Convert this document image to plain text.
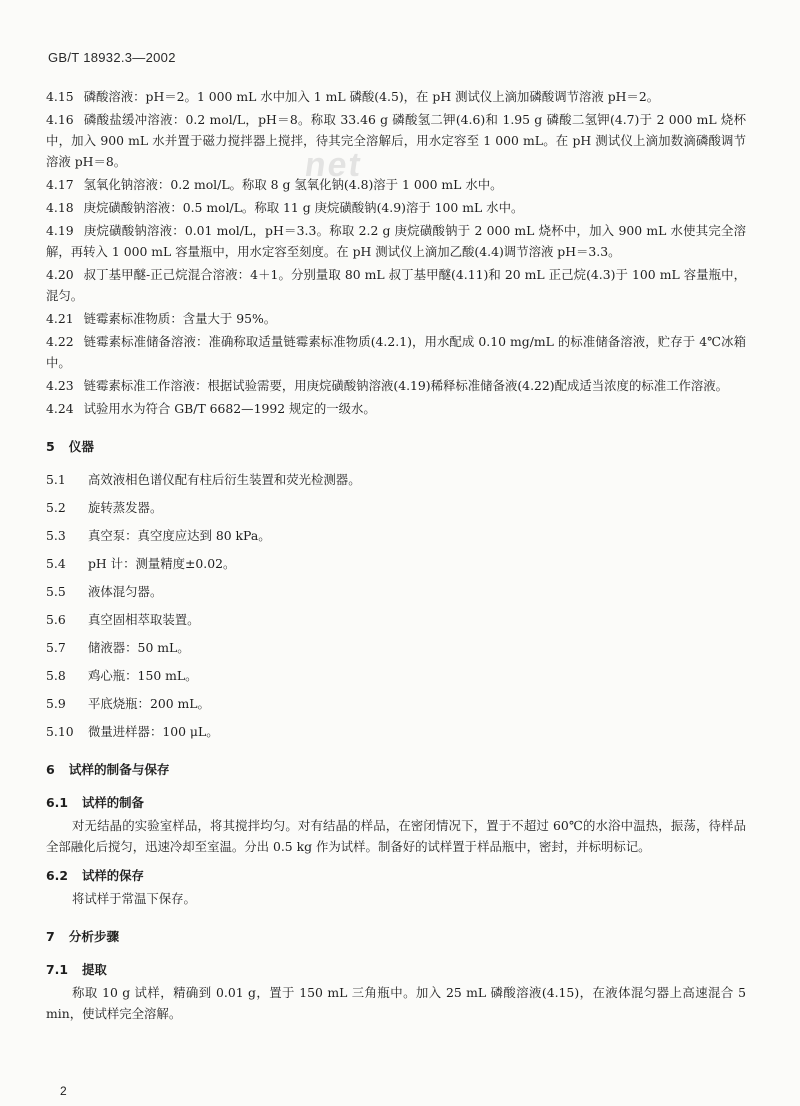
GB/T 18932.3—2002
net
4.15 磷酸溶液：pH＝2。1 000 mL 水中加入 1 mL 磷酸(4.5)，在 pH 测试仪上滴加磷酸调节溶液 pH＝2。
4.16 磷酸盐缓冲溶液：0.2 mol/L，pH＝8。称取 33.46 g 磷酸氢二钾(4.6)和 1.95 g 磷酸二氢钾(4.7)于 2 000 mL 烧杯中，加入 900 mL 水并置于磁力搅拌器上搅拌，待其完全溶解后，用水定容至 1 000 mL。在 pH 测试仪上滴加数滴磷酸调节溶液 pH＝8。
4.17 氢氧化钠溶液：0.2 mol/L。称取 8 g 氢氧化钠(4.8)溶于 1 000 mL 水中。
4.18 庚烷磺酸钠溶液：0.5 mol/L。称取 11 g 庚烷磺酸钠(4.9)溶于 100 mL 水中。
4.19 庚烷磺酸钠溶液：0.01 mol/L，pH＝3.3。称取 2.2 g 庚烷磺酸钠于 2 000 mL 烧杯中，加入 900 mL 水使其完全溶解，再转入 1 000 mL 容量瓶中，用水定容至刻度。在 pH 测试仪上滴加乙酸(4.4)调节溶液 pH＝3.3。
4.20 叔丁基甲醚-正己烷混合溶液：4＋1。分别量取 80 mL 叔丁基甲醚(4.11)和 20 mL 正己烷(4.3)于 100 mL 容量瓶中，混匀。
4.21 链霉素标准物质：含量大于 95%。
4.22 链霉素标准储备溶液：准确称取适量链霉素标准物质(4.2.1)，用水配成 0.10 mg/mL 的标准储备溶液，贮存于 4℃冰箱中。
4.23 链霉素标准工作溶液：根据试验需要，用庚烷磺酸钠溶液(4.19)稀释标准储备液(4.22)配成适当浓度的标准工作溶液。
4.24 试验用水为符合 GB/T 6682—1992 规定的一级水。
5 仪器
5.1 高效液相色谱仪配有柱后衍生装置和荧光检测器。
5.2 旋转蒸发器。
5.3 真空泵：真空度应达到 80 kPa。
5.4 pH 计：测量精度±0.02。
5.5 液体混匀器。
5.6 真空固相萃取装置。
5.7 储液器：50 mL。
5.8 鸡心瓶：150 mL。
5.9 平底烧瓶：200 mL。
5.10 微量进样器：100 μL。
6 试样的制备与保存
6.1 试样的制备

对无结晶的实验室样品，将其搅拌均匀。对有结晶的样品，在密闭情况下，置于不超过 60℃的水浴中温热，振荡，待样品全部融化后搅匀，迅速冷却至室温。分出 0.5 kg 作为试样。制备好的试样置于样品瓶中，密封，并标明标记。

6.2 试样的保存

将试样于常温下保存。

7 分析步骤
7.1 提取

称取 10 g 试样，精确到 0.01 g，置于 150 mL 三角瓶中。加入 25 mL 磷酸溶液(4.15)，在液体混匀器上高速混合 5 min，使试样完全溶解。

2
